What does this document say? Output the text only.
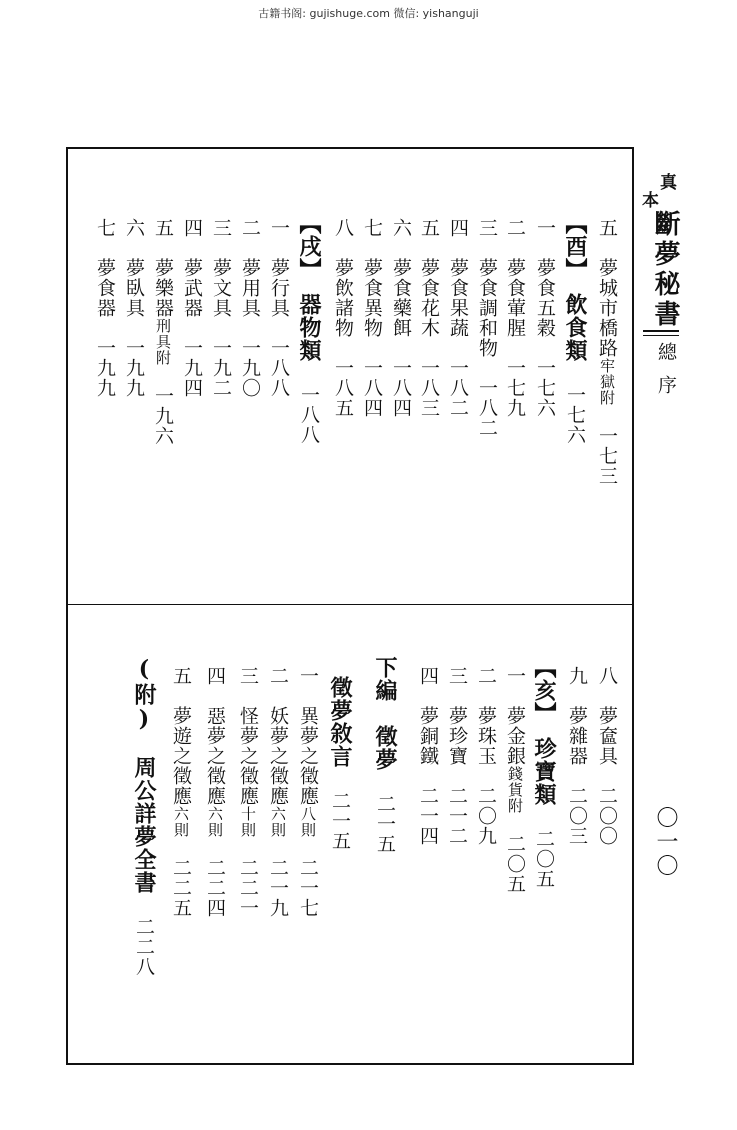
古籍书阁: gujishuge.com 微信: yishanguji
真
本
斷夢秘書
總序
〇一〇
五　夢城市橋路牢獄附　一七三
【酉】　飲食類　一七六
一　夢食五穀　一七六
二　夢食葷腥　一七九
三　夢食調和物　一八二
四　夢食果蔬　一八二
五　夢食花木　一八三
六　夢食藥餌　一八四
七　夢食異物　一八四
八　夢飲諸物　一八五
【戌】　器物類　一八八
一　夢行具　一八八
二　夢用具　一九〇
三　夢文具　一九二
四　夢武器　一九四
五　夢樂器刑具附　一九六
六　夢臥具　一九九
七　夢食器　一九九
八　夢奩具　二〇〇
九　夢雜器　二〇三
【亥】　珍寶類　二〇五
一　夢金銀錢貨附　二〇五
二　夢珠玉　二〇九
三　夢珍寶　二一二
四　夢銅鐵　二一四
下編　徵夢　二一五
徵夢敘言　二一五
一　異夢之徵應八則　二一七
二　妖夢之徵應六則　二一九
三　怪夢之徵應十則　二二一
四　惡夢之徵應六則　二二四
五　夢遊之徵應六則　二二五
(附)　周公詳夢全書　二二八
